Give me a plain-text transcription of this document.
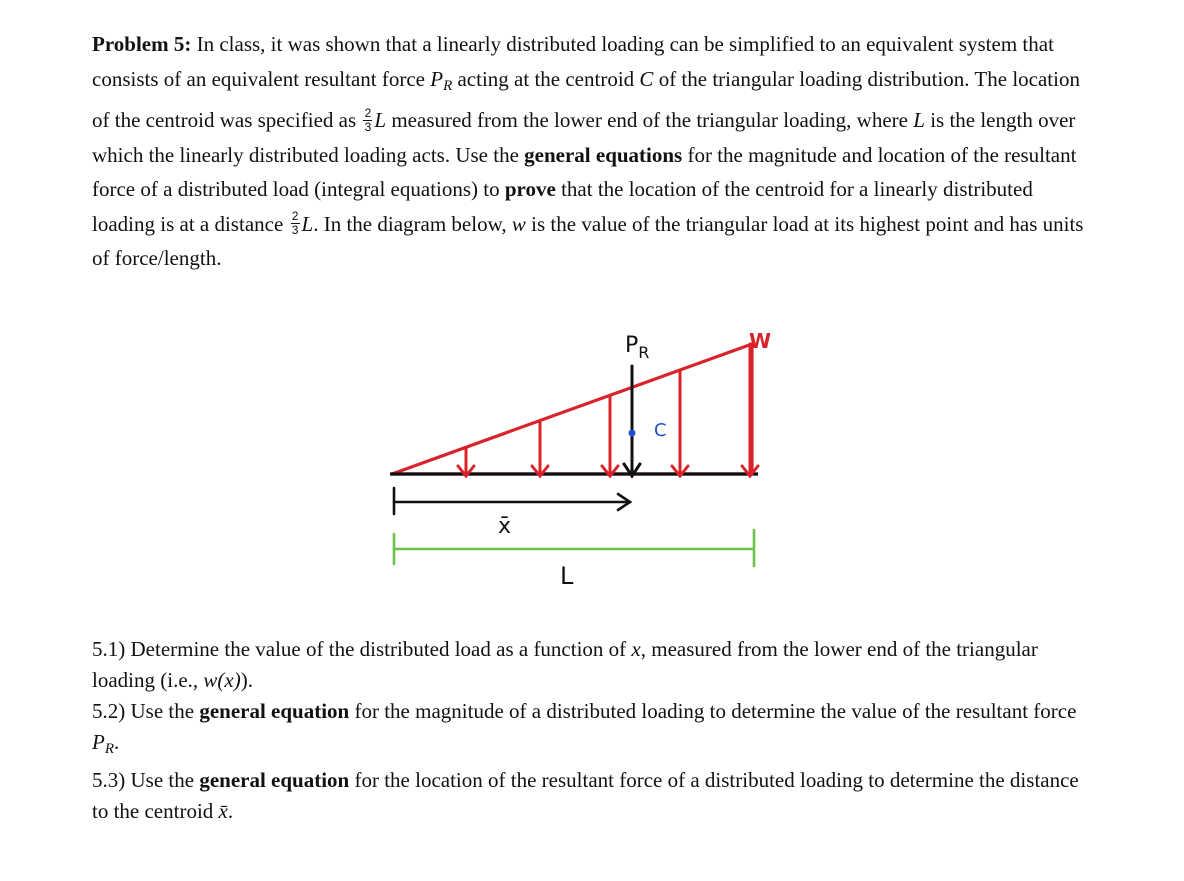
Problem 5: In class, it was shown that a linearly distributed loading can be simplified to an equivalent system that consists of an equivalent resultant force $P_R$ acting at the centroid C of the triangular loading distribution. The location of the centroid was specified as $\frac{2}{3}$ L measured from the lower end of the triangular loading, where L is the length over which the linearly distributed loading acts. Use the general equations for the magnitude and location of the resultant force of a distributed load (integral equations) to prove that the location of the centroid for a linearly distributed loading is at a distance $\frac{2}{3} L$. In the diagram below, w is the value of the triangular load at its highest point and has units of force/length.
$P_R$	W
C
x̄
L
5.1) Determine the value of the distributed load as a function of x, measured from the lower end of the triangular loading (i.e., w(x)).
5.2) Use the general equation for the magnitude of a distributed loading to determine the value of the resultant force $P_R$.
5.3) Use the general equation for the location of the resultant force of a distributed loading to determine the distance to the centroid x̄.
